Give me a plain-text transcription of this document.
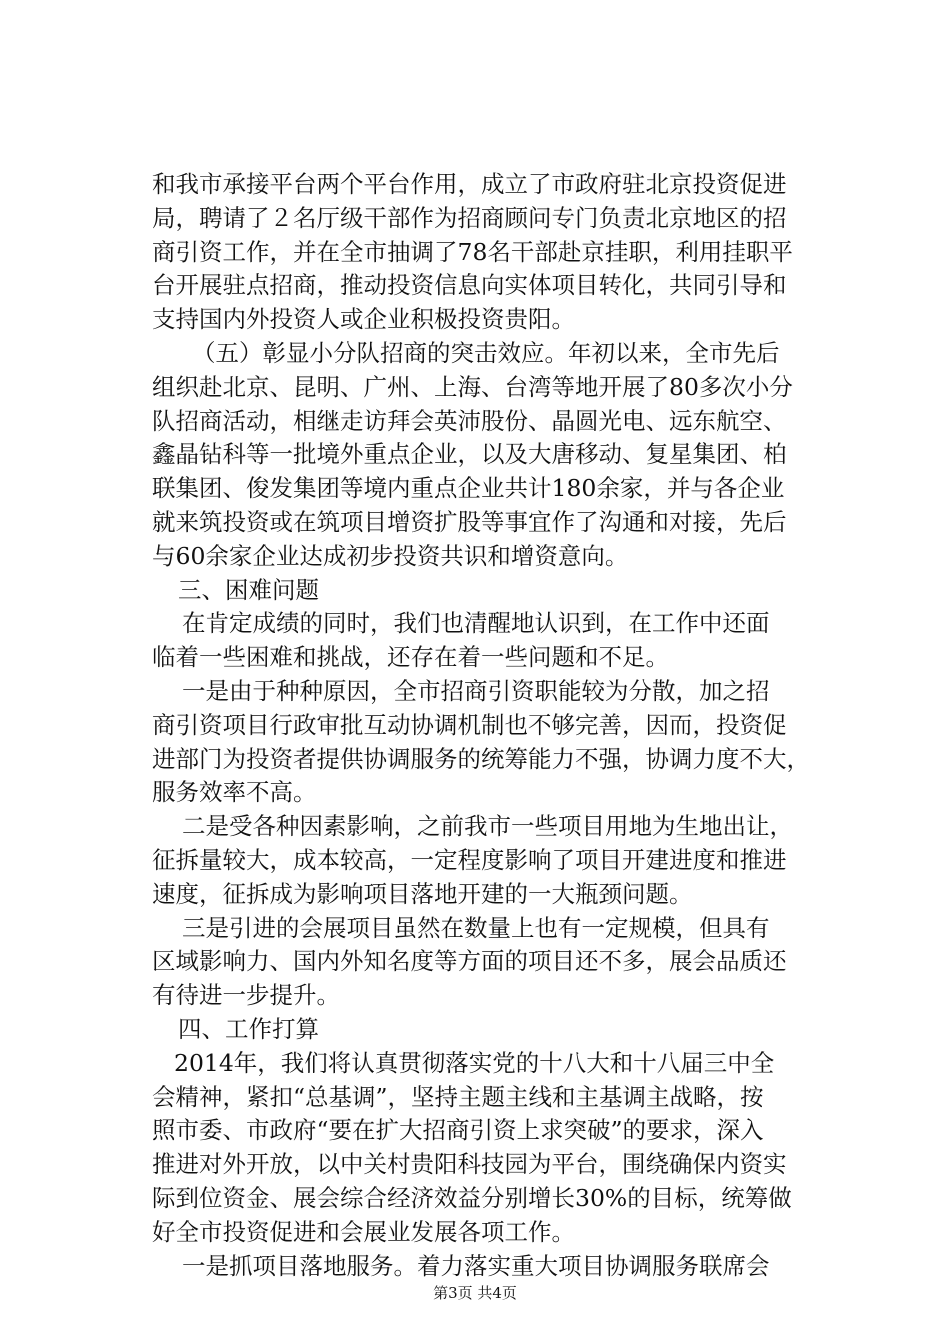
和我市承接平台两个平台作用，成立了市政府驻北京投资促进
局，聘请了２名厅级干部作为招商顾问专门负责北京地区的招
商引资工作，并在全市抽调了78名干部赴京挂职，利用挂职平
台开展驻点招商，推动投资信息向实体项目转化，共同引导和
支持国内外投资人或企业积极投资贵阳。
（五）彰显小分队招商的突击效应。年初以来，全市先后
组织赴北京、昆明、广州、上海、台湾等地开展了80多次小分
队招商活动，相继走访拜会英沛股份、晶圆光电、远东航空、
鑫晶钻科等一批境外重点企业，以及大唐移动、复星集团、柏
联集团、俊发集团等境内重点企业共计180余家，并与各企业
就来筑投资或在筑项目增资扩股等事宜作了沟通和对接，先后
与60余家企业达成初步投资共识和增资意向。
三、困难问题
在肯定成绩的同时，我们也清醒地认识到，在工作中还面
临着一些困难和挑战，还存在着一些问题和不足。
一是由于种种原因，全市招商引资职能较为分散，加之招
商引资项目行政审批互动协调机制也不够完善，因而，投资促
进部门为投资者提供协调服务的统筹能力不强，协调力度不大，
服务效率不高。
二是受各种因素影响，之前我市一些项目用地为生地出让，
征拆量较大，成本较高，一定程度影响了项目开建进度和推进
速度，征拆成为影响项目落地开建的一大瓶颈问题。
三是引进的会展项目虽然在数量上也有一定规模，但具有
区域影响力、国内外知名度等方面的项目还不多，展会品质还
有待进一步提升。
四、工作打算
2014年，我们将认真贯彻落实党的十八大和十八届三中全
会精神，紧扣“总基调”，坚持主题主线和主基调主战略，按
照市委、市政府“要在扩大招商引资上求突破”的要求，深入
推进对外开放，以中关村贵阳科技园为平台，围绕确保内资实
际到位资金、展会综合经济效益分别增长30%的目标，统筹做
好全市投资促进和会展业发展各项工作。
一是抓项目落地服务。着力落实重大项目协调服务联席会
第3页 共4页
